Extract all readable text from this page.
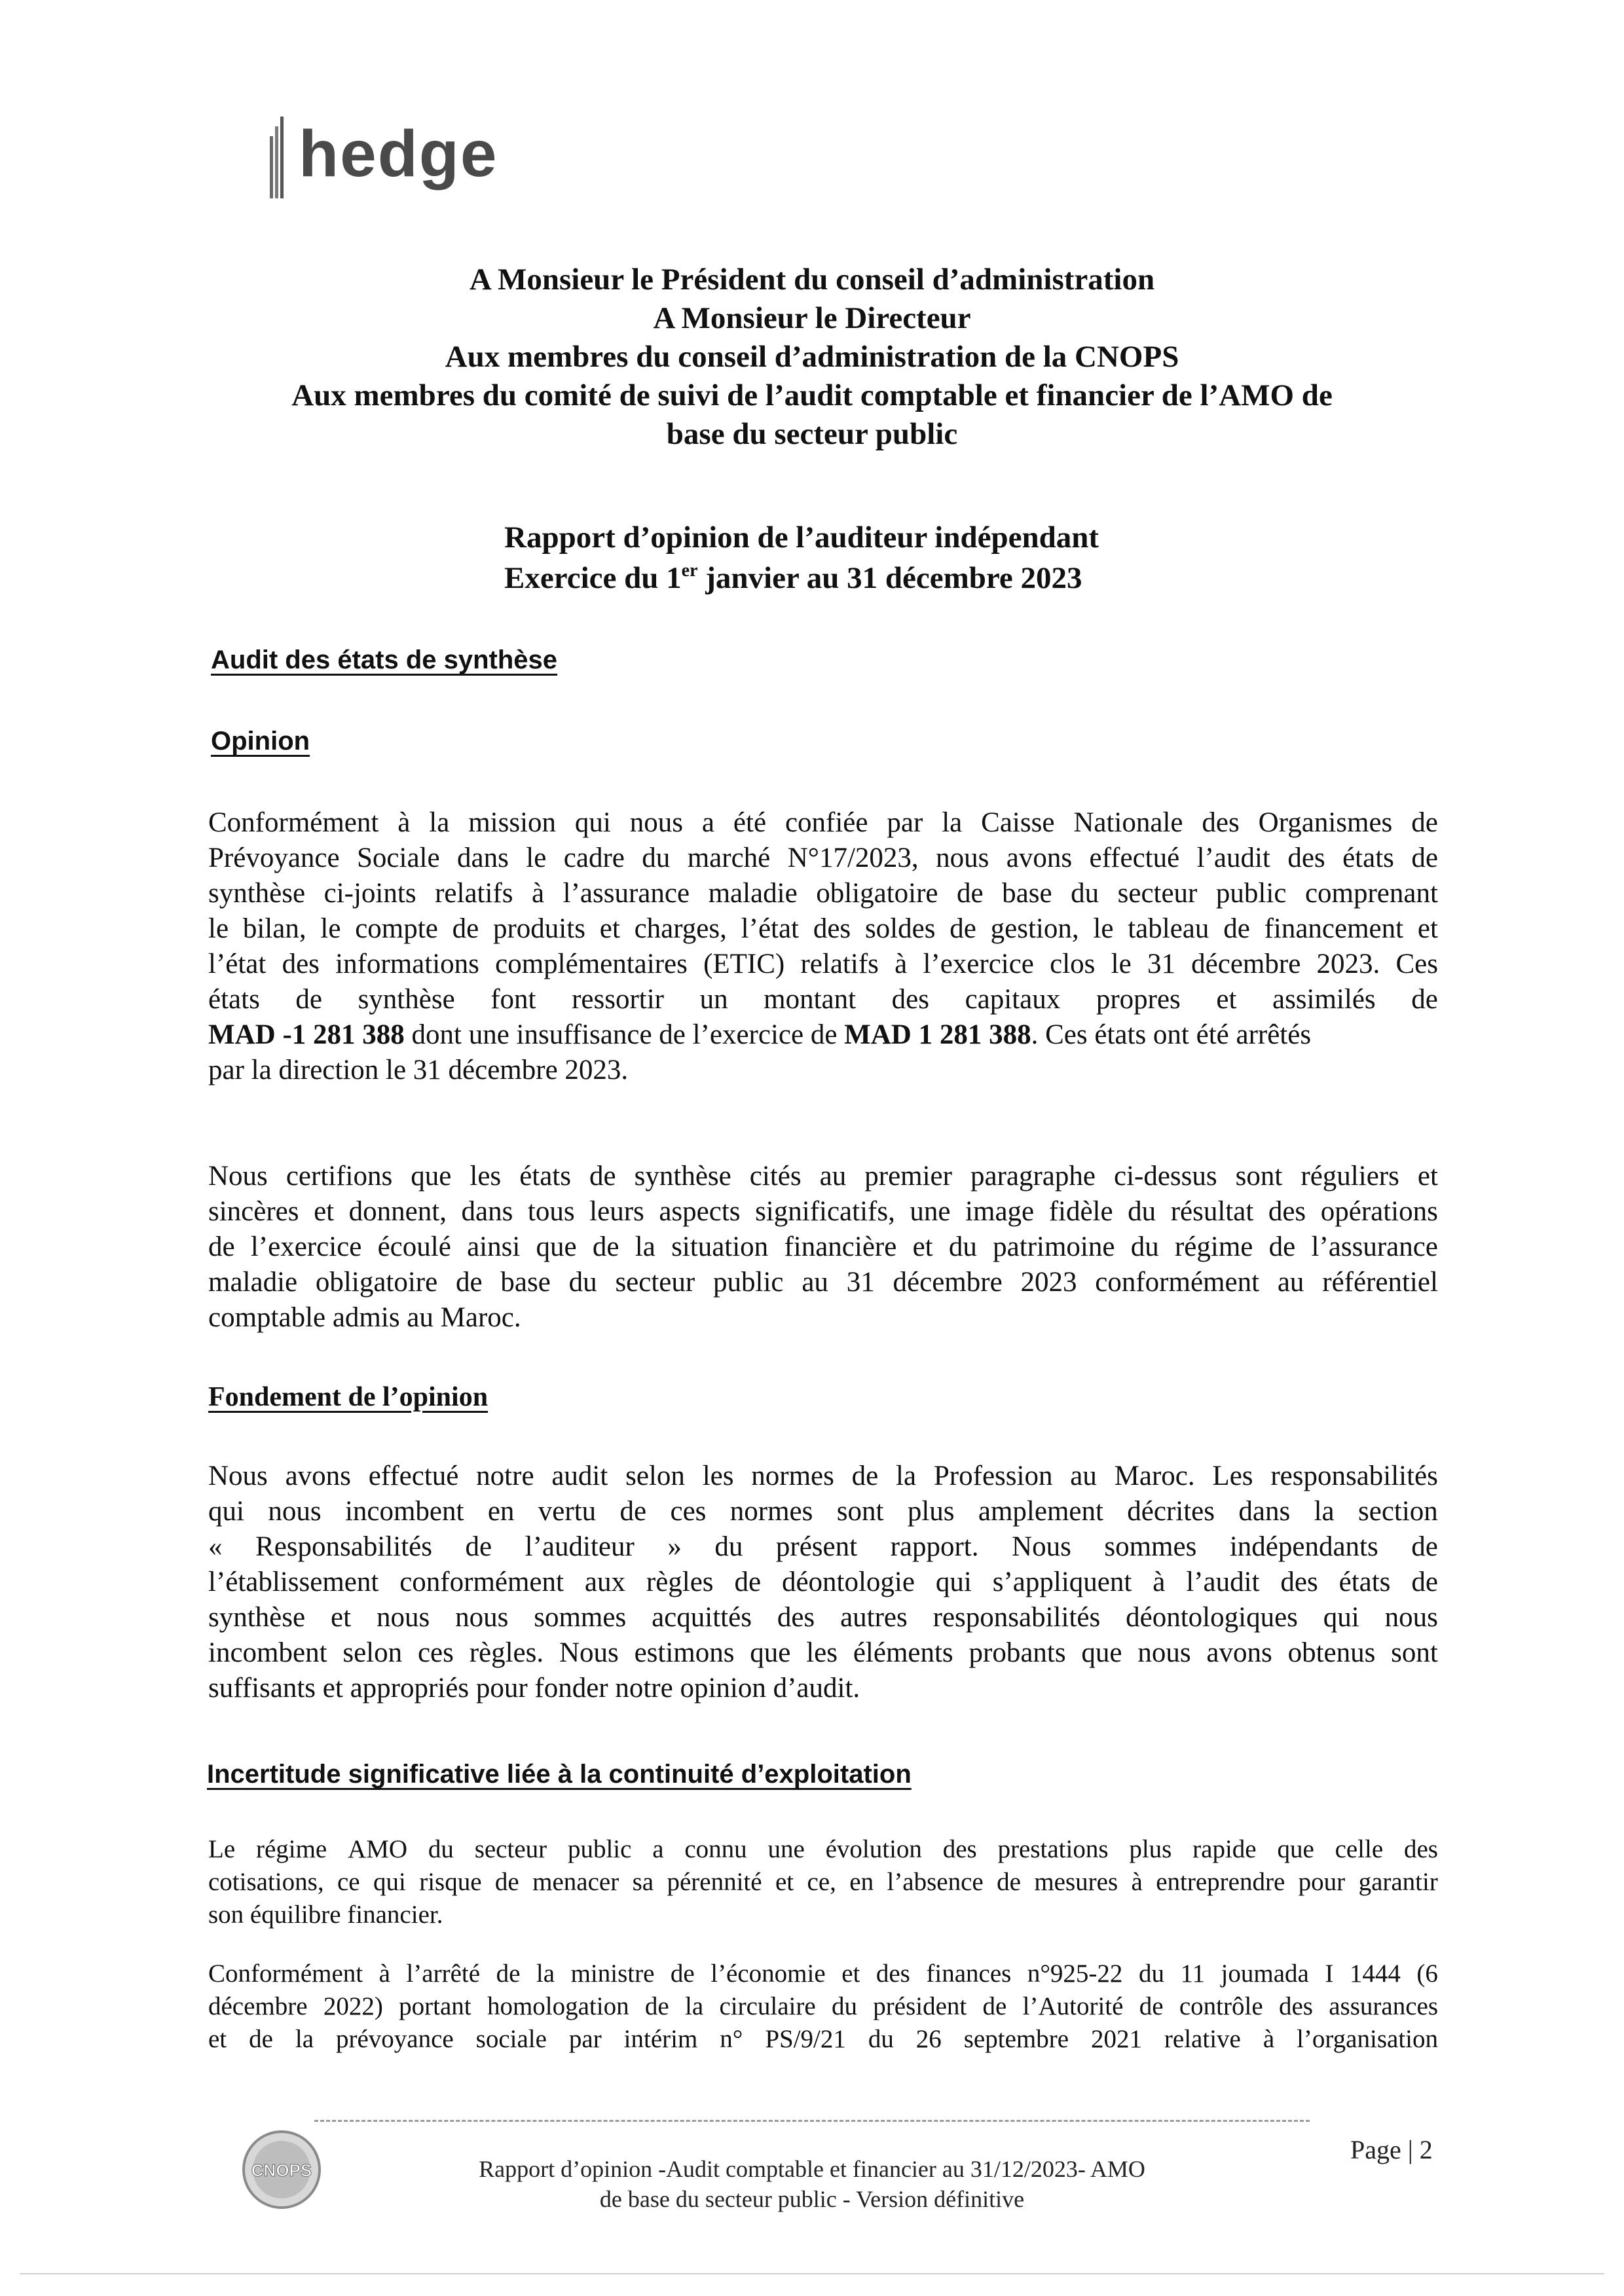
hedge
A Monsieur le Président du conseil d’administration
A Monsieur le Directeur
Aux membres du conseil d’administration de la CNOPS
Aux membres du comité de suivi de l’audit comptable et financier de l’AMO de
base du secteur public
Rapport d’opinion de l’auditeur indépendant
Exercice du 1er janvier au 31 décembre 2023
Audit des états de synthèse
Opinion
Conformément à la mission qui nous a été confiée par la Caisse Nationale des Organismes de
Prévoyance Sociale dans le cadre du marché N°17/2023, nous avons effectué l’audit des états de
synthèse ci-joints relatifs à l’assurance maladie obligatoire de base du secteur public comprenant
le bilan, le compte de produits et charges, l’état des soldes de gestion, le tableau de financement et
l’état des informations complémentaires (ETIC) relatifs à l’exercice clos le 31 décembre 2023. Ces
états de synthèse font ressortir un montant des capitaux propres et assimilés de
MAD -1 281 388 dont une insuffisance de l’exercice de MAD 1 281 388. Ces états ont été arrêtés
par la direction le 31 décembre 2023.
Nous certifions que les états de synthèse cités au premier paragraphe ci-dessus sont réguliers et
sincères et donnent, dans tous leurs aspects significatifs, une image fidèle du résultat des opérations
de l’exercice écoulé ainsi que de la situation financière et du patrimoine du régime de l’assurance
maladie obligatoire de base du secteur public au 31 décembre 2023 conformément au référentiel
comptable admis au Maroc.
Fondement de l’opinion
Nous avons effectué notre audit selon les normes de la Profession au Maroc. Les responsabilités
qui nous incombent en vertu de ces normes sont plus amplement décrites dans la section
« Responsabilités de l’auditeur » du présent rapport. Nous sommes indépendants de
l’établissement conformément aux règles de déontologie qui s’appliquent à l’audit des états de
synthèse et nous nous sommes acquittés des autres responsabilités déontologiques qui nous
incombent selon ces règles. Nous estimons que les éléments probants que nous avons obtenus sont
suffisants et appropriés pour fonder notre opinion d’audit.
Incertitude significative liée à la continuité d’exploitation
Le régime AMO du secteur public a connu une évolution des prestations plus rapide que celle des
cotisations, ce qui risque de menacer sa pérennité et ce, en l’absence de mesures à entreprendre pour garantir
son équilibre financier.
Conformément à l’arrêté de la ministre de l’économie et des finances n°925-22 du 11 joumada I 1444 (6
décembre 2022) portant homologation de la circulaire du président de l’Autorité de contrôle des assurances
et de la prévoyance sociale par intérim n° PS/9/21 du 26 septembre 2021 relative à l’organisation
CNOPS	Rapport d’opinion -Audit comptable et financier au 31/12/2023- AMO
de base du secteur public - Version définitive
Page | 2
